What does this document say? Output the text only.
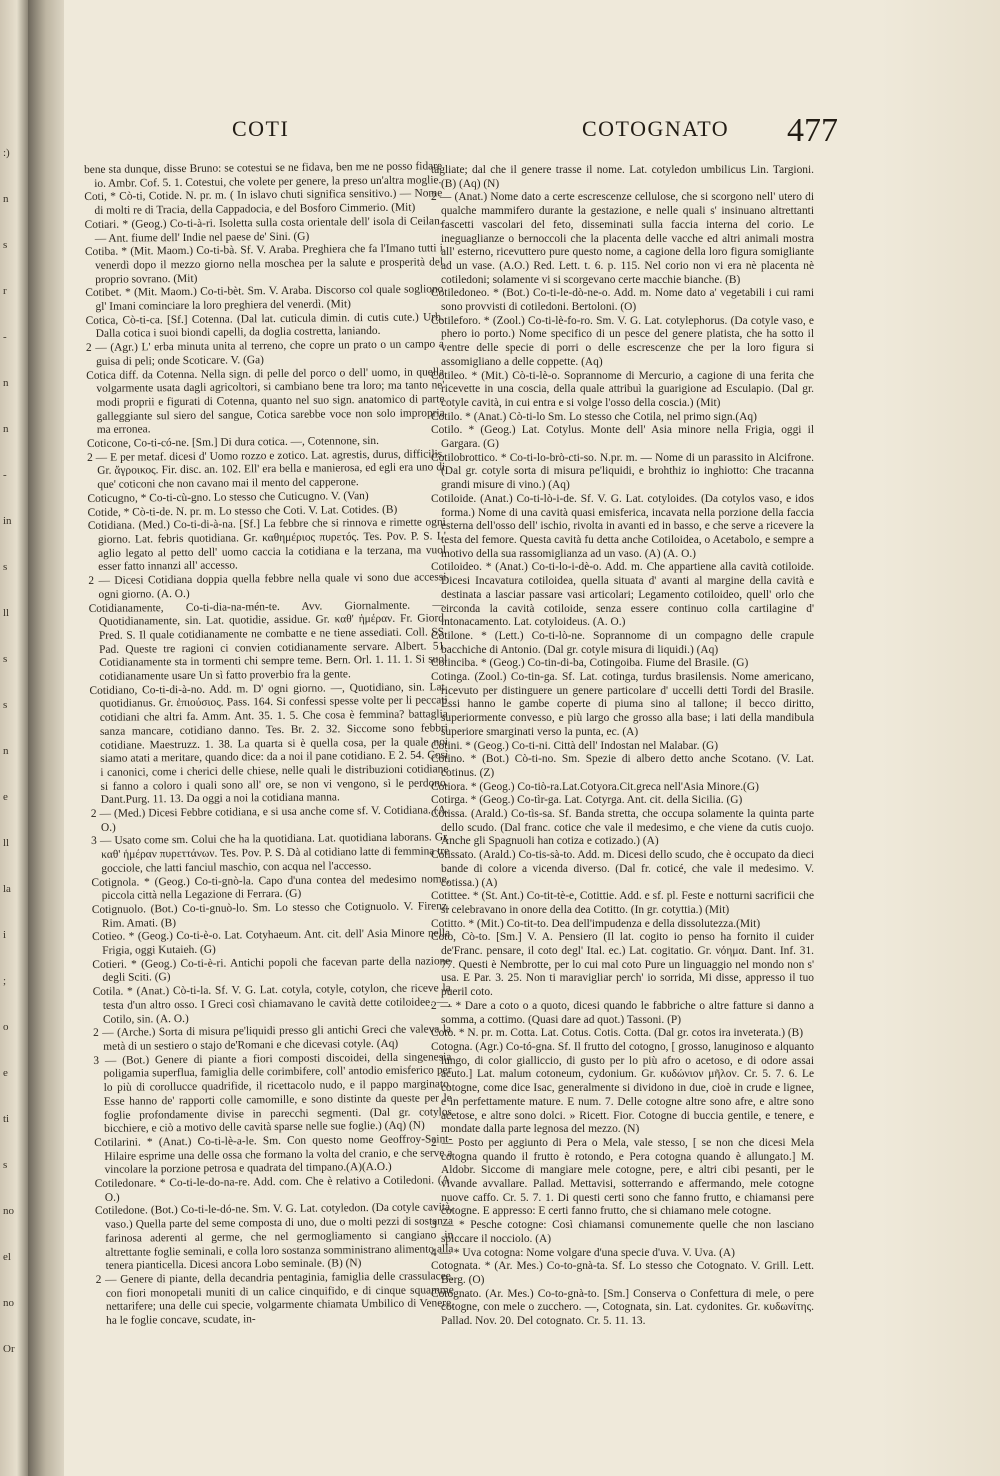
:)
n
s
r
-
n
n
-
in
s
ll
s
s
n
e
ll
la
i
;
o
e
ti
s
no
el
no
Or
COTI	COTOGNATO 477

bene sta dunque, disse Bruno: se cotestui se ne fidava, ben me ne posso fidare io. Ambr. Cof. 5. 1. Cotestui, che volete per genere, la preso un'altra moglie.

Coti, * Cò-ti, Cotide. N. pr. m. ( In islavo chuti significa sensitivo.) — Nome di molti re di Tracia, della Cappadocia, e del Bosforo Cimmerio. (Mit)

Cotiari. * (Geog.) Co-ti-à-ri. Isoletta sulla costa orientale dell' isola di Ceilan. — Ant. fiume dell' Indie nel paese de' Sini. (G)

Cotiba. * (Mit. Maom.) Co-ti-bà. Sf. V. Araba. Preghiera che fa l'Imano tutti i venerdì dopo il mezzo giorno nella moschea per la salute e prosperità del proprio sovrano. (Mit)

Cotibet. * (Mit. Maom.) Co-ti-bèt. Sm. V. Araba. Discorso col quale sogliono gl' Imani cominciare la loro preghiera del venerdì. (Mit)

Cotica, Cò-ti-ca. [Sf.] Cotenna. (Dal lat. cuticula dimin. di cutis cute.) Urb. Dalla cotica i suoi biondi capelli, da doglia costretta, laniando.

2 — (Agr.) L' erba minuta unita al terreno, che copre un prato o un campo a guisa di peli; onde Scoticare. V. (Ga)

Cotica diff. da Cotenna. Nella sign. di pelle del porco o dell' uomo, in quella volgarmente usata dagli agricoltori, si cambiano bene tra loro; ma tanto ne' modi proprii e figurati di Cotenna, quanto nel suo sign. anatomico di parte galleggiante sul siero del sangue, Cotica sarebbe voce non solo impropria ma erronea.

Coticone, Co-ti-có-ne. [Sm.] Di dura cotica. —, Cotennone, sin.

2 — E per metaf. dicesi d' Uomo rozzo e zotico. Lat. agrestis, durus, difficilis. Gr. ἄγροικος. Fir. disc. an. 102. Ell' era bella e manierosa, ed egli era uno di que' coticoni che non cavano mai il mento del capperone.

Coticugno, * Co-ti-cù-gno. Lo stesso che Cuticugno. V. (Van)

Cotide, * Cò-ti-de. N. pr. m. Lo stesso che Coti. V. Lat. Cotides. (B)

Cotidiana. (Med.) Co-ti-di-à-na. [Sf.] La febbre che si rinnova e rimette ogni giorno. Lat. febris quotidiana. Gr. καθημέριος πυρετός. Tes. Pov. P. S. L' aglio legato al petto dell' uomo caccia la cotidiana e la terzana, ma vuol esser fatto innanzi all' accesso.

2 — Dicesi Cotidiana doppia quella febbre nella quale vi sono due accessi ogni giorno. (A. O.)

Cotidianamente, Co-ti-dia-na-mén-te. Avv. Giornalmente. —, Quotidianamente, sin. Lat. quotidie, assidue. Gr. καθ' ἡμέραν. Fr. Giord. Pred. S. Il quale cotidianamente ne combatte e ne tiene assediati. Coll. SS. Pad. Queste tre ragioni ci convien cotidianamente servare. Albert. 51. Cotidianamente sta in tormenti chi sempre teme. Bern. Orl. 1. 11. 1. Si suol cotidianamente usare Un sì fatto proverbio fra la gente.

Cotidiano, Co-ti-di-à-no. Add. m. D' ogni giorno. —, Quotidiano, sin. Lat. quotidianus. Gr. ἐπιούσιος. Pass. 164. Si confessi spesse volte per li peccati cotidiani che altri fa. Amm. Ant. 35. 1. 5. Che cosa è femmina? battaglia sanza mancare, cotidiano danno. Tes. Br. 2. 32. Siccome sono febbri cotidiane. Maestruzz. 1. 38. La quarta si è quella cosa, per la quale noi siamo atati a meritare, quando dice: da a noi il pane cotidiano. E 2. 54. Così i canonici, come i cherici delle chiese, nelle quali le distribuzioni cotidiane si fanno a coloro i quali sono all' ore, se non vi vengono, sì le perdono. Dant.Purg. 11. 13. Da oggi a noi la cotidiana manna.

2 — (Med.) Dicesi Febbre cotidiana, e si usa anche come sf. V. Cotidiana. (A. O.)

3 — Usato come sm. Colui che ha la quotidiana. Lat. quotidiana laborans. Gr. καθ' ἡμέραν πυρεττάνων. Tes. Pov. P. S. Dà al cotidiano latte di femmina tre gocciole, che latti fanciul maschio, con acqua nel l'accesso.

Cotignola. * (Geog.) Co-ti-gnò-la. Capo d'una contea del medesimo nome, piccola città nella Legazione di Ferrara. (G)

Cotignuolo. (Bot.) Co-ti-gnuò-lo. Sm. Lo stesso che Cotignuolo. V. Firenz. Rim. Amati. (B)

Cotieo. * (Geog.) Co-ti-è-o. Lat. Cotyhaeum. Ant. cit. dell' Asia Minore nella Frigia, oggi Kutaieh. (G)

Cotieri. * (Geog.) Co-ti-è-ri. Antichi popoli che facevan parte della nazione degli Sciti. (G)

Cotila. * (Anat.) Cò-ti-la. Sf. V. G. Lat. cotyla, cotyle, cotylon, che riceve la testa d'un altro osso. I Greci così chiamavano le cavità dette cotiloidee. —, Cotilo, sin. (A. O.)

2 — (Arche.) Sorta di misura pe'liquidi presso gli antichi Greci che valeva la metà di un sestiero o stajo de'Romani e che dicevasi cotyle. (Aq)

3 — (Bot.) Genere di piante a fiori composti discoidei, della singenesia poligamia superflua, famiglia delle corimbifere, coll' antodio emisferico per lo più di corollucce quadrifide, il ricettacolo nudo, e il pappo marginato. Esse hanno de' rapporti colle camomille, e sono distinte da queste per le foglie profondamente divise in parecchi segmenti. (Dal gr. cotylos bicchiere, e ciò a motivo delle cavità sparse nelle sue foglie.) (Aq) (N)

Cotilarini. * (Anat.) Co-ti-lè-a-le. Sm. Con questo nome Geoffroy-Saint-Hilaire esprime una delle ossa che formano la volta del cranio, e che serve a vincolare la porzione petrosa e quadrata del timpano.(A)(A.O.)

Cotiledonare. * Co-ti-le-do-na-re. Add. com. Che è relativo a Cotiledoni. (A. O.)

Cotiledone. (Bot.) Co-ti-le-dó-ne. Sm. V. G. Lat. cotyledon. (Da cotyle cavità, vaso.) Quella parte del seme composta di uno, due o molti pezzi di sostanza farinosa aderenti al germe, che nel germogliamento si cangiano in altrettante foglie seminali, e colla loro sostanza somministrano alimento alla tenera pianticella. Dicesi ancora Lobo seminale. (B) (N)

2 — Genere di piante, della decandria pentaginia, famiglia delle crassulacee, con fiori monopetali muniti di un calice cinquifido, e di cinque squamme nettarifere; una delle cui specie, volgarmente chiamata Umbilico di Venere, ha le foglie concave, scudate, in-

tagliate; dal che il genere trasse il nome. Lat. cotyledon umbilicus Lin. Targioni. (B) (Aq) (N)

2 — (Anat.) Nome dato a certe escrescenze cellulose, che si scorgono nell' utero di qualche mammifero durante la gestazione, e nelle quali s' insinuano altrettanti fascetti vascolari del feto, disseminati sulla faccia interna del corio. Le ineguaglianze o bernoccoli che la placenta delle vacche ed altri animali mostra all' esterno, ricevuttero pure questo nome, a cagione della loro figura somigliante ad un vase. (A.O.) Red. Lett. t. 6. p. 115. Nel corio non vi era nè placenta nè cotiledoni; solamente vi si scorgevano certe macchie bianche. (B)

Cotiledoneo. * (Bot.) Co-ti-le-dò-ne-o. Add. m. Nome dato a' vegetabili i cui rami sono provvisti di cotiledoni. Bertoloni. (O)

Cotileforo. * (Zool.) Co-ti-lè-fo-ro. Sm. V. G. Lat. cotylephorus. (Da cotyle vaso, e phero io porto.) Nome specifico di un pesce del genere platista, che ha sotto il ventre delle specie di porri o delle escrescenze che per la loro figura si assomigliano a delle coppette. (Aq)

Cotileo. * (Mit.) Cò-ti-lè-o. Soprannome di Mercurio, a cagione di una ferita che ricevette in una coscia, della quale attribuì la guarigione ad Esculapio. (Dal gr. cotyle cavità, in cui entra e si volge l'osso della coscia.) (Mit)

Cotilo. * (Anat.) Cò-ti-lo Sm. Lo stesso che Cotila, nel primo sign.(Aq)

Cotilo. * (Geog.) Lat. Cotylus. Monte dell' Asia minore nella Frigia, oggi il Gargara. (G)

Cotilobrottico. * Co-ti-lo-brò-cti-so. N.pr. m. — Nome di un parassito in Alcifrone. (Dal gr. cotyle sorta di misura pe'liquidi, e brohthiz io inghiotto: Che tracanna grandi misure di vino.) (Aq)

Cotiloide. (Anat.) Co-ti-lò-i-de. Sf. V. G. Lat. cotyloides. (Da cotylos vaso, e idos forma.) Nome di una cavità quasi emisferica, incavata nella porzione della faccia esterna dell'osso dell' ischio, rivolta in avanti ed in basso, e che serve a ricevere la testa del femore. Questa cavità fu detta anche Cotiloidea, o Acetabolo, e sempre a motivo della sua rassomiglianza ad un vaso. (A) (A. O.)

Cotiloideo. * (Anat.) Co-ti-lo-i-dè-o. Add. m. Che appartiene alla cavità cotiloide. Dicesi Incavatura cotiloidea, quella situata d' avanti al margine della cavità e destinata a lasciar passare vasi articolari; Legamento cotiloideo, quell' orlo che circonda la cavità cotiloide, senza essere continuo colla cartilagine d' intonacamento. Lat. cotyloideus. (A. O.)

Cotilone. * (Lett.) Co-ti-lò-ne. Soprannome di un compagno delle crapule bacchiche di Antonio. (Dal gr. cotyle misura di liquidi.) (Aq)

Cotinciba. * (Geog.) Co-tin-di-ba, Cotingoiba. Fiume del Brasile. (G)

Cotinga. (Zool.) Co-tin-ga. Sf. Lat. cotinga, turdus brasilensis. Nome americano, ricevuto per distinguere un genere particolare d' uccelli detti Tordi del Brasile. Essi hanno le gambe coperte di piuma sino al tallone; il becco diritto, superiormente convesso, e più largo che grosso alla base; i lati della mandibula superiore smarginati verso la punta, ec. (A)

Cotini. * (Geog.) Co-ti-ni. Città dell' Indostan nel Malabar. (G)

Cotino. * (Bot.) Cò-ti-no. Sm. Spezie di albero detto anche Scotano. (V. Lat. cotinus. (Z)

Cotiora. * (Geog.) Co-tiò-ra.Lat.Cotyora.Cit.greca nell'Asia Minore.(G)

Cotirga. * (Geog.) Co-tìr-ga. Lat. Cotyrga. Ant. cit. della Sicilia. (G)

Cotissa. (Arald.) Co-tìs-sa. Sf. Banda stretta, che occupa solamente la quinta parte dello scudo. (Dal franc. cotice che vale il medesimo, e che viene da cutis cuojo. Anche gli Spagnuoli han cotiza e cotizado.) (A)

Cotissato. (Arald.) Co-tis-sà-to. Add. m. Dicesi dello scudo, che è occupato da dieci bande di colore a vicenda diverso. (Dal fr. coticé, che vale il medesimo. V. cotissa.) (A)

Cotittee. * (St. Ant.) Co-tit-tè-e, Cotittie. Add. e sf. pl. Feste e notturni sacrificii che si celebravano in onore della dea Cotitto. (In gr. cotyttia.) (Mit)

Cotitto. * (Mit.) Co-tit-to. Dea dell'impudenza e della dissolutezza.(Mit)

Coto, Cò-to. [Sm.] V. A. Pensiero (Il lat. cogito io penso ha fornito il cuider de'Franc. pensare, il coto degl' Ital. ec.) Lat. cogitatio. Gr. νόημα. Dant. Inf. 31. 77. Questi è Nembrotte, per lo cui mal coto Pure un linguaggio nel mondo non s' usa. E Par. 3. 25. Non ti maravigliar perch' io sorrida, Mi disse, appresso il tuo pueril coto.

2 — * Dare a coto o a quoto, dicesi quando le fabbriche o altre fatture si danno a somma, a cottimo. (Quasi dare ad quot.) Tassoni. (P)

Coto. * N. pr. m. Cotta. Lat. Cotus. Cotis. Cotta. (Dal gr. cotos ira inveterata.) (B)

Cotogna. (Agr.) Co-tó-gna. Sf. Il frutto del cotogno, [ grosso, lanuginoso e alquanto lungo, di color gialliccio, di gusto per lo più afro o acetoso, e di odore assai acuto.] Lat. malum cotoneum, cydonium. Gr. κυδώνιον μῆλον. Cr. 5. 7. 6. Le cotogne, come dice Isac, generalmente si dividono in due, cioè in crude e lignee, e in perfettamente mature. E num. 7. Delle cotogne altre sono afre, e altre sono acetose, e altre sono dolci. » Ricett. Fior. Cotogne di buccia gentile, e tenere, e mondate dalla parte legnosa del mezzo. (N)

2 — Posto per aggiunto di Pera o Mela, vale stesso, [ se non che dicesi Mela cotogna quando il frutto è rotondo, e Pera cotogna quando è allungato.] M. Aldobr. Siccome di mangiare mele cotogne, pere, e altri cibi pesanti, per le vivande avvallare. Pallad. Mettavisi, sotterrando e affermando, mele cotogne nuove caffo. Cr. 5. 7. 1. Di questi certi sono che fanno frutto, e chiamansi pere cotogne. E appresso: E certi fanno frutto, che si chiamano mele cotogne.

3 — * Pesche cotogne: Così chiamansi comunemente quelle che non lasciano spiccare il nocciolo. (A)

4 — * Uva cotogna: Nome volgare d'una specie d'uva. V. Uva. (A)

Cotognata. * (Ar. Mes.) Co-to-gnà-ta. Sf. Lo stesso che Cotognato. V. Grill. Lett. Berg. (O)

Cotognato. (Ar. Mes.) Co-to-gnà-to. [Sm.] Conserva o Confettura di mele, o pere cotogne, con mele o zucchero. —, Cotognata, sin. Lat. cydonites. Gr. κυδωνίτης. Pallad. Nov. 20. Del cotognato. Cr. 5. 11. 13.
